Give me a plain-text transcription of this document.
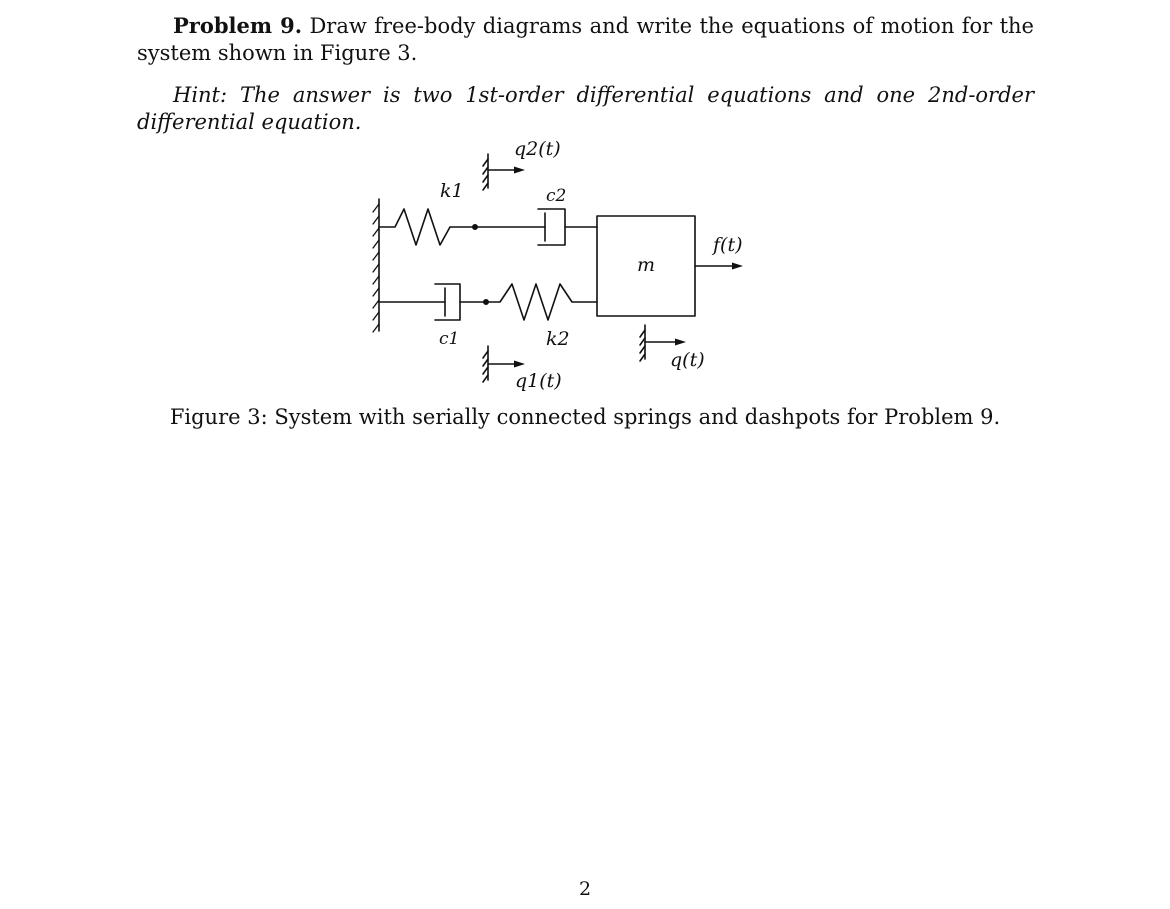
Problem 9. Draw free-body diagrams and write the equations of motion for the system shown in Figure 3.

Hint: The answer is two 1st-order differential equations and one 2nd-order differential equation.

q2(t)
k1	c2
f(t)
m
c1	k2
q1(t)
q(t)

Figure 3: System with serially connected springs and dashpots for Problem 9.

2
